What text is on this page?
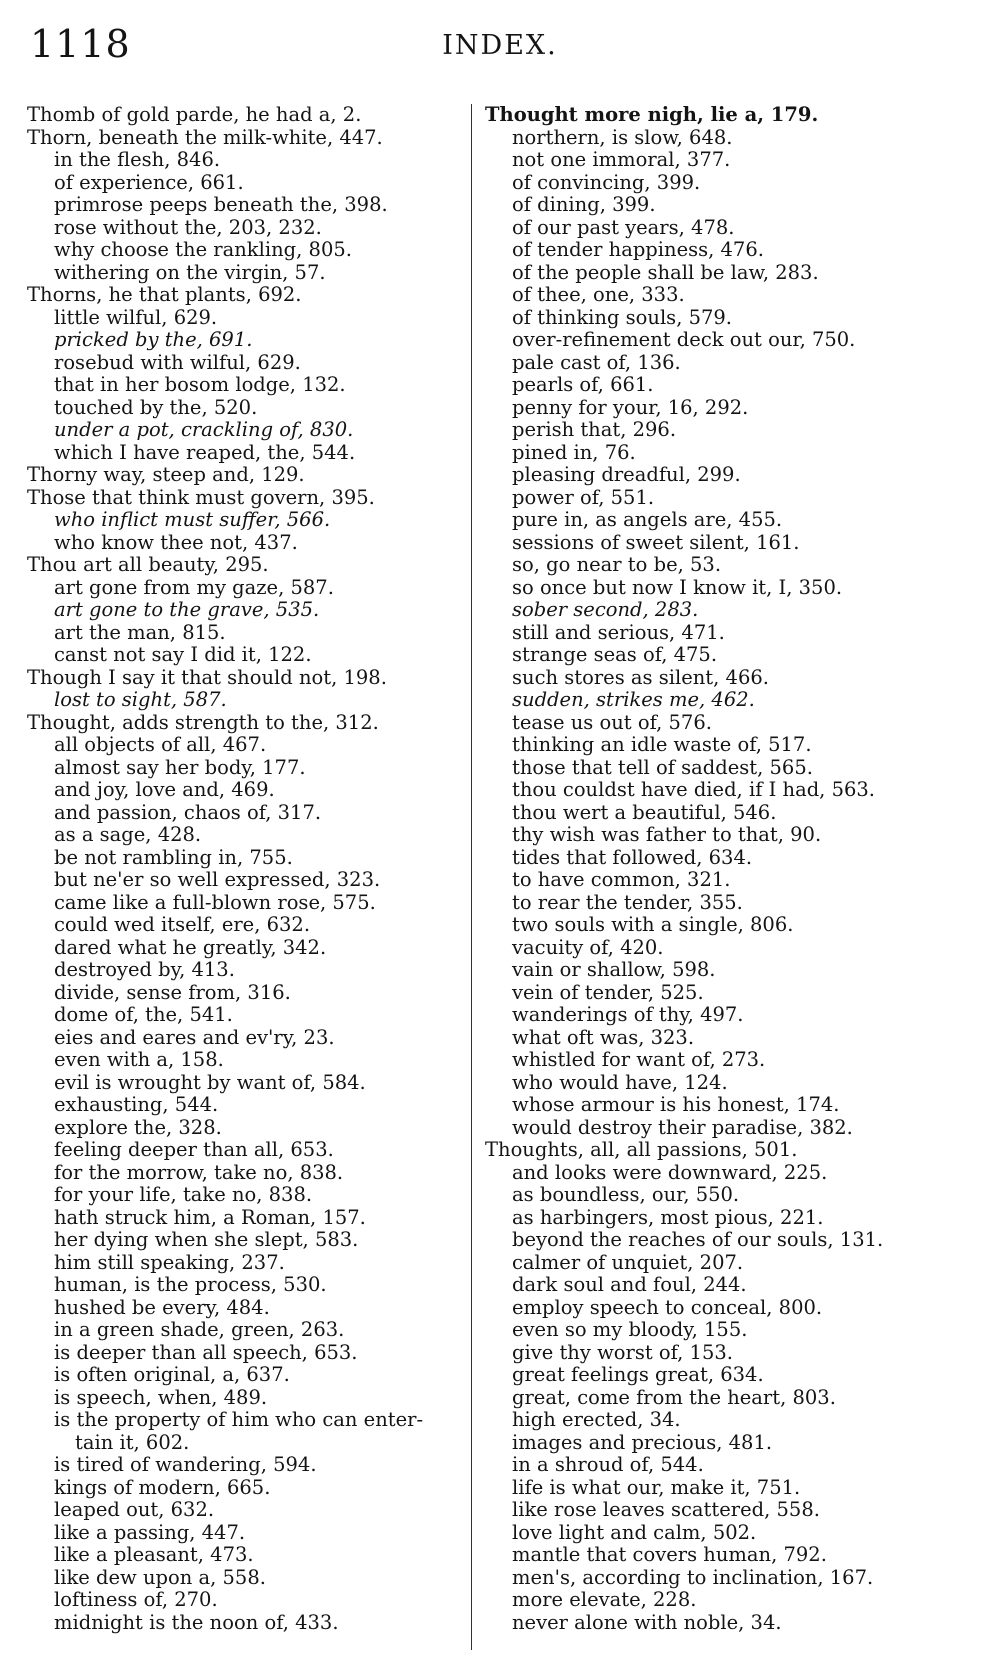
1118	INDEX.
Thomb of gold parde, he had a, 2.
Thorn, beneath the milk-white, 447.
in the flesh, 846.
of experience, 661.
primrose peeps beneath the, 398.
rose without the, 203, 232.
why choose the rankling, 805.
withering on the virgin, 57.
Thorns, he that plants, 692.
little wilful, 629.
pricked by the, 691.
rosebud with wilful, 629.
that in her bosom lodge, 132.
touched by the, 520.
under a pot, crackling of, 830.
which I have reaped, the, 544.
Thorny way, steep and, 129.
Those that think must govern, 395.
who inflict must suffer, 566.
who know thee not, 437.
Thou art all beauty, 295.
art gone from my gaze, 587.
art gone to the grave, 535.
art the man, 815.
canst not say I did it, 122.
Though I say it that should not, 198.
lost to sight, 587.
Thought, adds strength to the, 312.
all objects of all, 467.
almost say her body, 177.
and joy, love and, 469.
and passion, chaos of, 317.
as a sage, 428.
be not rambling in, 755.
but ne'er so well expressed, 323.
came like a full-blown rose, 575.
could wed itself, ere, 632.
dared what he greatly, 342.
destroyed by, 413.
divide, sense from, 316.
dome of, the, 541.
eies and eares and ev'ry, 23.
even with a, 158.
evil is wrought by want of, 584.
exhausting, 544.
explore the, 328.
feeling deeper than all, 653.
for the morrow, take no, 838.
for your life, take no, 838.
hath struck him, a Roman, 157.
her dying when she slept, 583.
him still speaking, 237.
human, is the process, 530.
hushed be every, 484.
in a green shade, green, 263.
is deeper than all speech, 653.
is often original, a, 637.
is speech, when, 489.
is the property of him who can enter-
tain it, 602.
is tired of wandering, 594.
kings of modern, 665.
leaped out, 632.
like a passing, 447.
like a pleasant, 473.
like dew upon a, 558.
loftiness of, 270.
midnight is the noon of, 433.
Thought more nigh, lie a, 179.
northern, is slow, 648.
not one immoral, 377.
of convincing, 399.
of dining, 399.
of our past years, 478.
of tender happiness, 476.
of the people shall be law, 283.
of thee, one, 333.
of thinking souls, 579.
over-refinement deck out our, 750.
pale cast of, 136.
pearls of, 661.
penny for your, 16, 292.
perish that, 296.
pined in, 76.
pleasing dreadful, 299.
power of, 551.
pure in, as angels are, 455.
sessions of sweet silent, 161.
so, go near to be, 53.
so once but now I know it, I, 350.
sober second, 283.
still and serious, 471.
strange seas of, 475.
such stores as silent, 466.
sudden, strikes me, 462.
tease us out of, 576.
thinking an idle waste of, 517.
those that tell of saddest, 565.
thou couldst have died, if I had, 563.
thou wert a beautiful, 546.
thy wish was father to that, 90.
tides that followed, 634.
to have common, 321.
to rear the tender, 355.
two souls with a single, 806.
vacuity of, 420.
vain or shallow, 598.
vein of tender, 525.
wanderings of thy, 497.
what oft was, 323.
whistled for want of, 273.
who would have, 124.
whose armour is his honest, 174.
would destroy their paradise, 382.
Thoughts, all, all passions, 501.
and looks were downward, 225.
as boundless, our, 550.
as harbingers, most pious, 221.
beyond the reaches of our souls, 131.
calmer of unquiet, 207.
dark soul and foul, 244.
employ speech to conceal, 800.
even so my bloody, 155.
give thy worst of, 153.
great feelings great, 634.
great, come from the heart, 803.
high erected, 34.
images and precious, 481.
in a shroud of, 544.
life is what our, make it, 751.
like rose leaves scattered, 558.
love light and calm, 502.
mantle that covers human, 792.
men's, according to inclination, 167.
more elevate, 228.
never alone with noble, 34.
